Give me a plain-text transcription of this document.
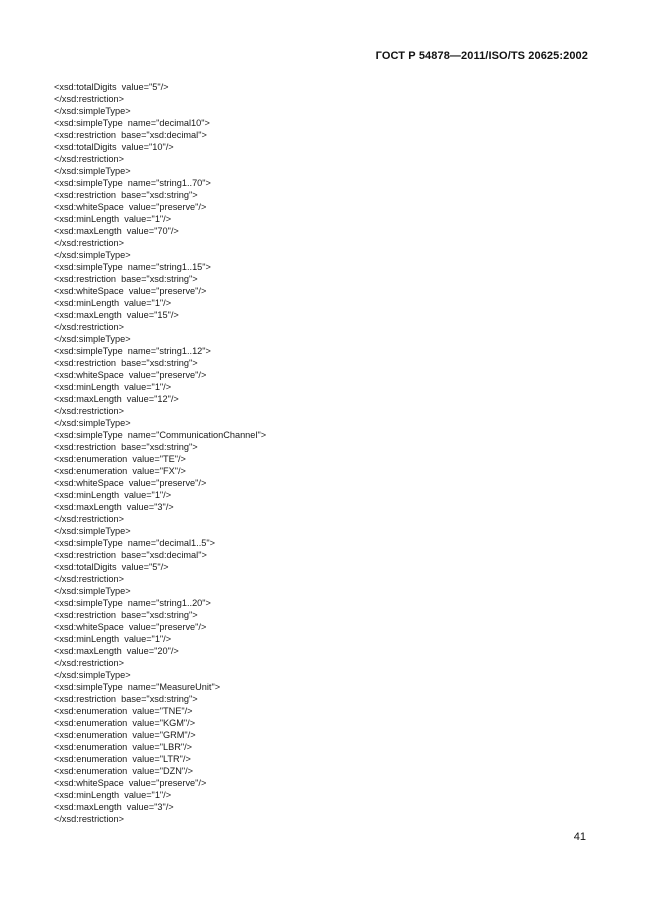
ГОСТ Р 54878—2011/ISO/TS 20625:2002
<xsd:totalDigits  value="5"/>
</xsd:restriction>
</xsd:simpleType>
<xsd:simpleType  name="decimal10">
<xsd:restriction  base="xsd:decimal">
<xsd:totalDigits  value="10"/>
</xsd:restriction>
</xsd:simpleType>
<xsd:simpleType  name="string1..70">
<xsd:restriction  base="xsd:string">
<xsd:whiteSpace  value="preserve"/>
<xsd:minLength  value="1"/>
<xsd:maxLength  value="70"/>
</xsd:restriction>
</xsd:simpleType>
<xsd:simpleType  name="string1..15">
<xsd:restriction  base="xsd:string">
<xsd:whiteSpace  value="preserve"/>
<xsd:minLength  value="1"/>
<xsd:maxLength  value="15"/>
</xsd:restriction>
</xsd:simpleType>
<xsd:simpleType  name="string1..12">
<xsd:restriction  base="xsd:string">
<xsd:whiteSpace  value="preserve"/>
<xsd:minLength  value="1"/>
<xsd:maxLength  value="12"/>
</xsd:restriction>
</xsd:simpleType>
<xsd:simpleType  name="CommunicationChannel">
<xsd:restriction  base="xsd:string">
<xsd:enumeration  value="TE"/>
<xsd:enumeration  value="FX"/>
<xsd:whiteSpace  value="preserve"/>
<xsd:minLength  value="1"/>
<xsd:maxLength  value="3"/>
</xsd:restriction>
</xsd:simpleType>
<xsd:simpleType  name="decimal1..5">
<xsd:restriction  base="xsd:decimal">
<xsd:totalDigits  value="5"/>
</xsd:restriction>
</xsd:simpleType>
<xsd:simpleType  name="string1..20">
<xsd:restriction  base="xsd:string">
<xsd:whiteSpace  value="preserve"/>
<xsd:minLength  value="1"/>
<xsd:maxLength  value="20"/>
</xsd:restriction>
</xsd:simpleType>
<xsd:simpleType  name="MeasureUnit">
<xsd:restriction  base="xsd:string">
<xsd:enumeration  value="TNE"/>
<xsd:enumeration  value="KGM"/>
<xsd:enumeration  value="GRM"/>
<xsd:enumeration  value="LBR"/>
<xsd:enumeration  value="LTR"/>
<xsd:enumeration  value="DZN"/>
<xsd:whiteSpace  value="preserve"/>
<xsd:minLength  value="1"/>
<xsd:maxLength  value="3"/>
</xsd:restriction>
41
